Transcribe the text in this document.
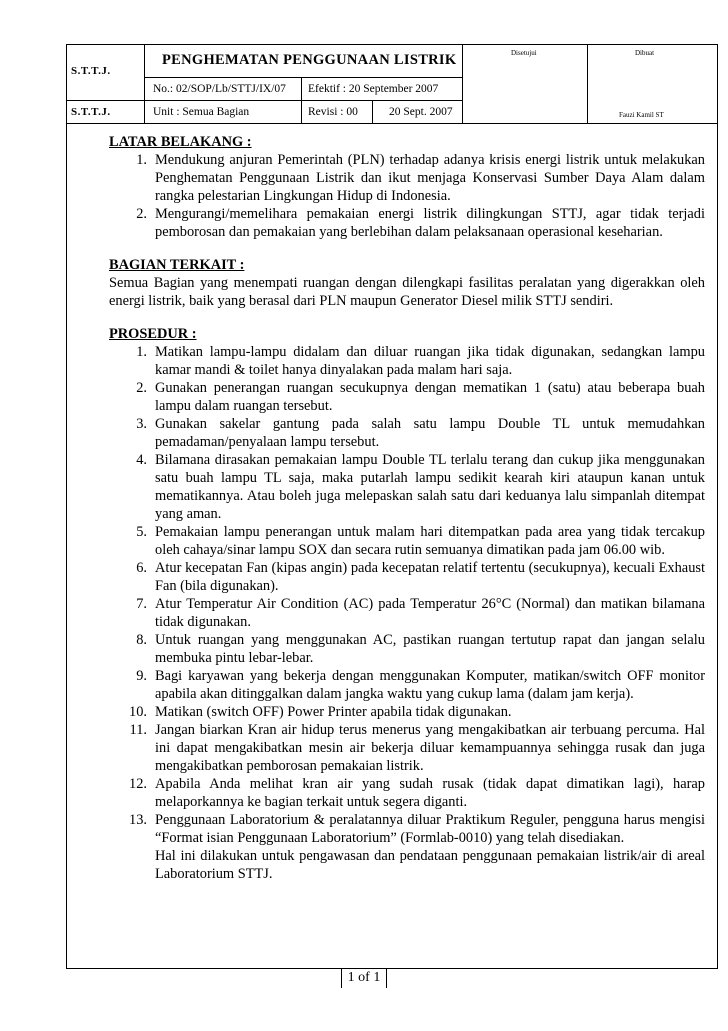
S.T.T.J.
S.T.T.J.
PENGHEMATAN PENGGUNAAN LISTRIK
No.: 02/SOP/Lb/STTJ/IX/07 Efektif : 20 September 2007
Unit : Semua Bagian	Revisi : 00	20 Sept. 2007
Disetujui	Dibuat
Fauzi Kamil ST

LATAR BELAKANG :

1. Mendukung anjuran Pemerintah (PLN) terhadap adanya krisis energi listrik untuk melakukan Penghematan Penggunaan Listrik dan ikut menjaga Konservasi Sumber Daya Alam dalam rangka pelestarian Lingkungan Hidup di Indonesia.
2. Mengurangi/memelihara pemakaian energi listrik dilingkungan STTJ, agar tidak terjadi pemborosan dan pemakaian yang berlebihan dalam pelaksanaan operasional keseharian.

BAGIAN TERKAIT :

Semua Bagian yang menempati ruangan dengan dilengkapi fasilitas peralatan yang digerakkan oleh energi listrik, baik yang berasal dari PLN maupun Generator Diesel milik STTJ sendiri.

PROSEDUR :

1. Matikan lampu-lampu didalam dan diluar ruangan jika tidak digunakan, sedangkan lampu kamar mandi & toilet hanya dinyalakan pada malam hari saja.
2. Gunakan penerangan ruangan secukupnya dengan mematikan 1 (satu) atau beberapa buah lampu dalam ruangan tersebut.
3. Gunakan sakelar gantung pada salah satu lampu Double TL untuk memudahkan pemadaman/penyalaan lampu tersebut.
4. Bilamana dirasakan pemakaian lampu Double TL terlalu terang dan cukup jika menggunakan satu buah lampu TL saja, maka putarlah lampu sedikit kearah kiri ataupun kanan untuk mematikannya. Atau boleh juga melepaskan salah satu dari keduanya lalu simpanlah ditempat yang aman.
5. Pemakaian lampu penerangan untuk malam hari ditempatkan pada area yang tidak tercakup oleh cahaya/sinar lampu SOX dan secara rutin semuanya dimatikan pada jam 06.00 wib.
6. Atur kecepatan Fan (kipas angin) pada kecepatan relatif tertentu (secukupnya), kecuali Exhaust Fan (bila digunakan).
7. Atur Temperatur Air Condition (AC) pada Temperatur 26°C (Normal) dan matikan bilamana tidak digunakan.
8. Untuk ruangan yang menggunakan AC, pastikan ruangan tertutup rapat dan jangan selalu membuka pintu lebar-lebar.
9. Bagi karyawan yang bekerja dengan menggunakan Komputer, matikan/switch OFF monitor apabila akan ditinggalkan dalam jangka waktu yang cukup lama (dalam jam kerja).
10. Matikan (switch OFF) Power Printer apabila tidak digunakan.
11. Jangan biarkan Kran air hidup terus menerus yang mengakibatkan air terbuang percuma. Hal ini dapat mengakibatkan mesin air bekerja diluar kemampuannya sehingga rusak dan juga mengakibatkan pemborosan pemakaian listrik.
12. Apabila Anda melihat kran air yang sudah rusak (tidak dapat dimatikan lagi), harap melaporkannya ke bagian terkait untuk segera diganti.
13. Penggunaan Laboratorium & peralatannya diluar Praktikum Reguler, pengguna harus mengisi “Format isian Penggunaan Laboratorium” (Formlab-0010) yang telah disediakan.
Hal ini dilakukan untuk pengawasan dan pendataan penggunaan pemakaian listrik/air di areal Laboratorium STTJ.
1 of 1
